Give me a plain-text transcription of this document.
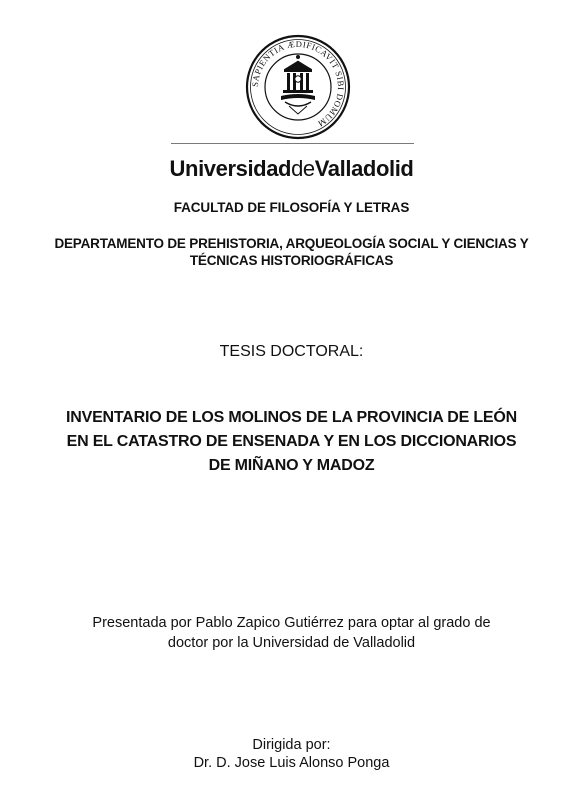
SAPIENTIA ÆDIFICAVIT SIBI DOMUM
UniversidaddeValladolid
FACULTAD DE FILOSOFÍA Y LETRAS
DEPARTAMENTO DE PREHISTORIA, ARQUEOLOGÍA SOCIAL Y CIENCIAS Y
TÉCNICAS HISTORIOGRÁFICAS
TESIS DOCTORAL:
INVENTARIO DE LOS MOLINOS DE LA PROVINCIA DE LEÓN
EN EL CATASTRO DE ENSENADA Y EN LOS DICCIONARIOS
DE MIÑANO Y MADOZ
Presentada por Pablo Zapico Gutiérrez para optar al grado de
doctor por la Universidad de Valladolid
Dirigida por:
Dr. D. Jose Luis Alonso Ponga
